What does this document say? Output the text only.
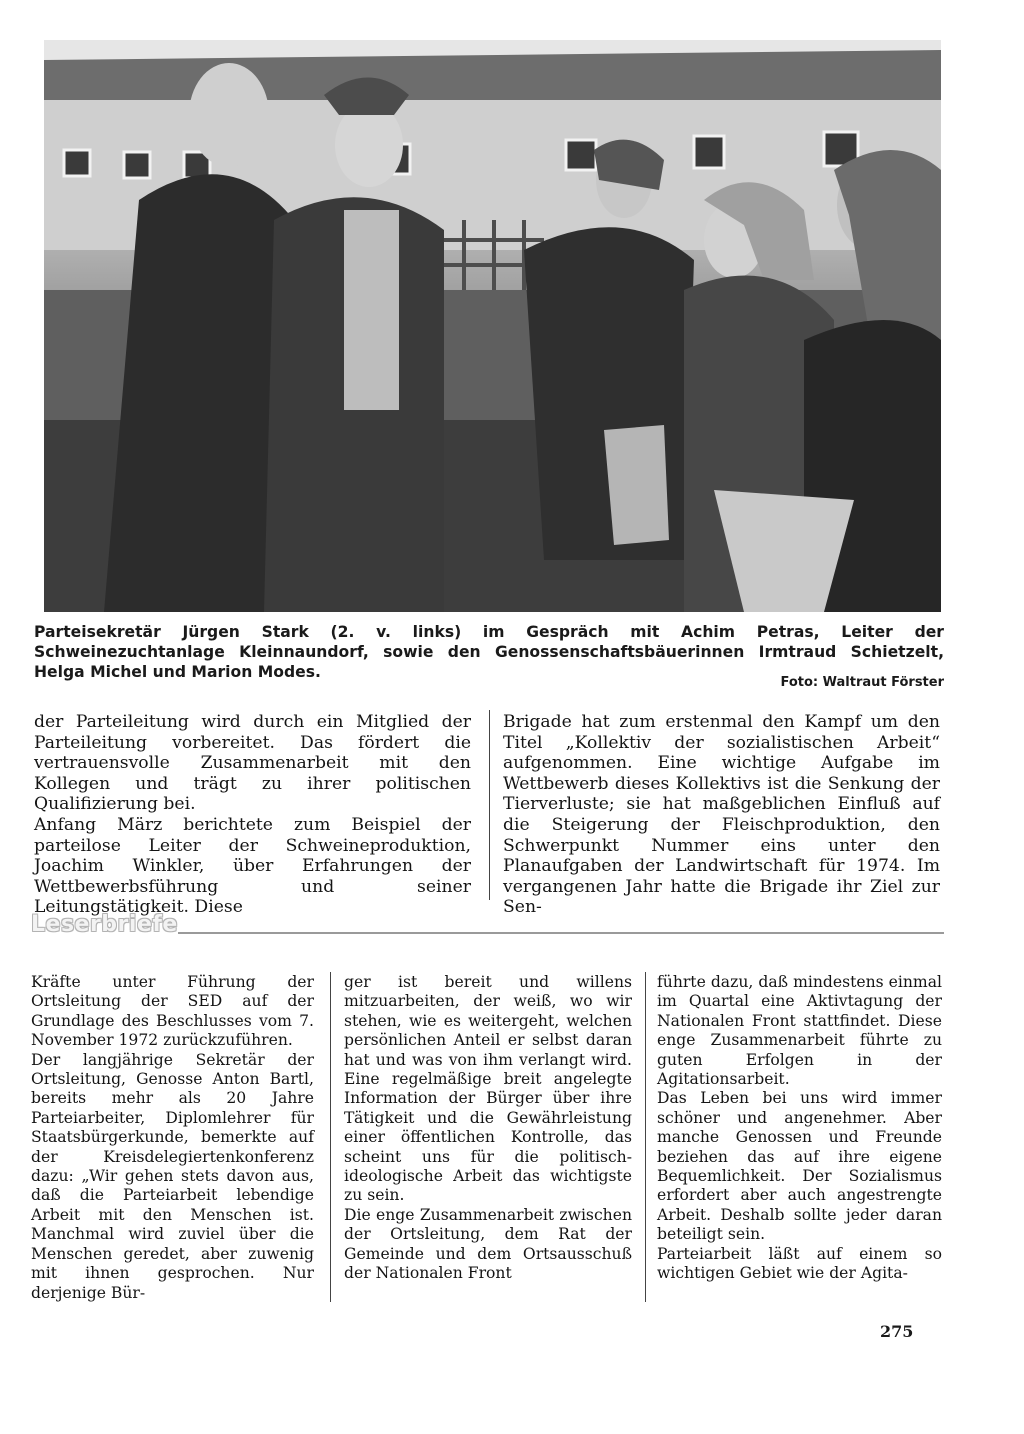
Parteisekretär Jürgen Stark (2. v. links) im Gespräch mit Achim Petras, Leiter der Schweinezuchtanlage Kleinnaundorf, sowie den Genossenschaftsbäuerinnen Irmtraud Schietzelt, Helga Michel und Marion Modes.
Foto: Waltraut Förster

der Parteileitung wird durch ein Mitglied der Parteileitung vorbereitet. Das fördert die vertrauensvolle Zusammenarbeit mit den Kollegen und trägt zu ihrer politischen Qualifizierung bei.

Anfang März berichtete zum Beispiel der parteilose Leiter der Schweineproduktion, Joachim Winkler, über Erfahrungen der Wettbewerbsführung und seiner Leitungstätigkeit. Diese

Brigade hat zum erstenmal den Kampf um den Titel „Kollektiv der sozialistischen Arbeit“ aufgenommen. Eine wichtige Aufgabe im Wettbewerb dieses Kollektivs ist die Senkung der Tierverluste; sie hat maßgeblichen Einfluß auf die Steigerung der Fleischproduktion, den Schwerpunkt Nummer eins unter den Planaufgaben der Landwirtschaft für 1974. Im vergangenen Jahr hatte die Brigade ihr Ziel zur Sen-

Leserbriefe

Kräfte unter Führung der Ortsleitung der SED auf der Grundlage des Beschlusses vom 7. November 1972 zurückzuführen.

Der langjährige Sekretär der Ortsleitung, Genosse Anton Bartl, bereits mehr als 20 Jahre Parteiarbeiter, Diplomlehrer für Staatsbürgerkunde, bemerkte auf der Kreisdelegiertenkonferenz dazu: „Wir gehen stets davon aus, daß die Parteiarbeit lebendige Arbeit mit den Menschen ist. Manchmal wird zuviel über die Menschen geredet, aber zuwenig mit ihnen gesprochen. Nur derjenige Bür-

ger ist bereit und willens mitzuarbeiten, der weiß, wo wir stehen, wie es weitergeht, welchen persönlichen Anteil er selbst daran hat und was von ihm verlangt wird. Eine regelmäßige breit angelegte Information der Bürger über ihre Tätigkeit und die Gewährleistung einer öffentlichen Kontrolle, das scheint uns für die politisch-ideologische Arbeit das wichtigste zu sein.

Die enge Zusammenarbeit zwischen der Ortsleitung, dem Rat der Gemeinde und dem Ortsausschuß der Nationalen Front

führte dazu, daß mindestens einmal im Quartal eine Aktivtagung der Nationalen Front stattfindet. Diese enge Zusammenarbeit führte zu guten Erfolgen in der Agitationsarbeit.

Das Leben bei uns wird immer schöner und angenehmer. Aber manche Genossen und Freunde beziehen das auf ihre eigene Bequemlichkeit. Der Sozialismus erfordert aber auch angestrengte Arbeit. Deshalb sollte jeder daran beteiligt sein.

Parteiarbeit läßt auf einem so wichtigen Gebiet wie der Agita-

275
